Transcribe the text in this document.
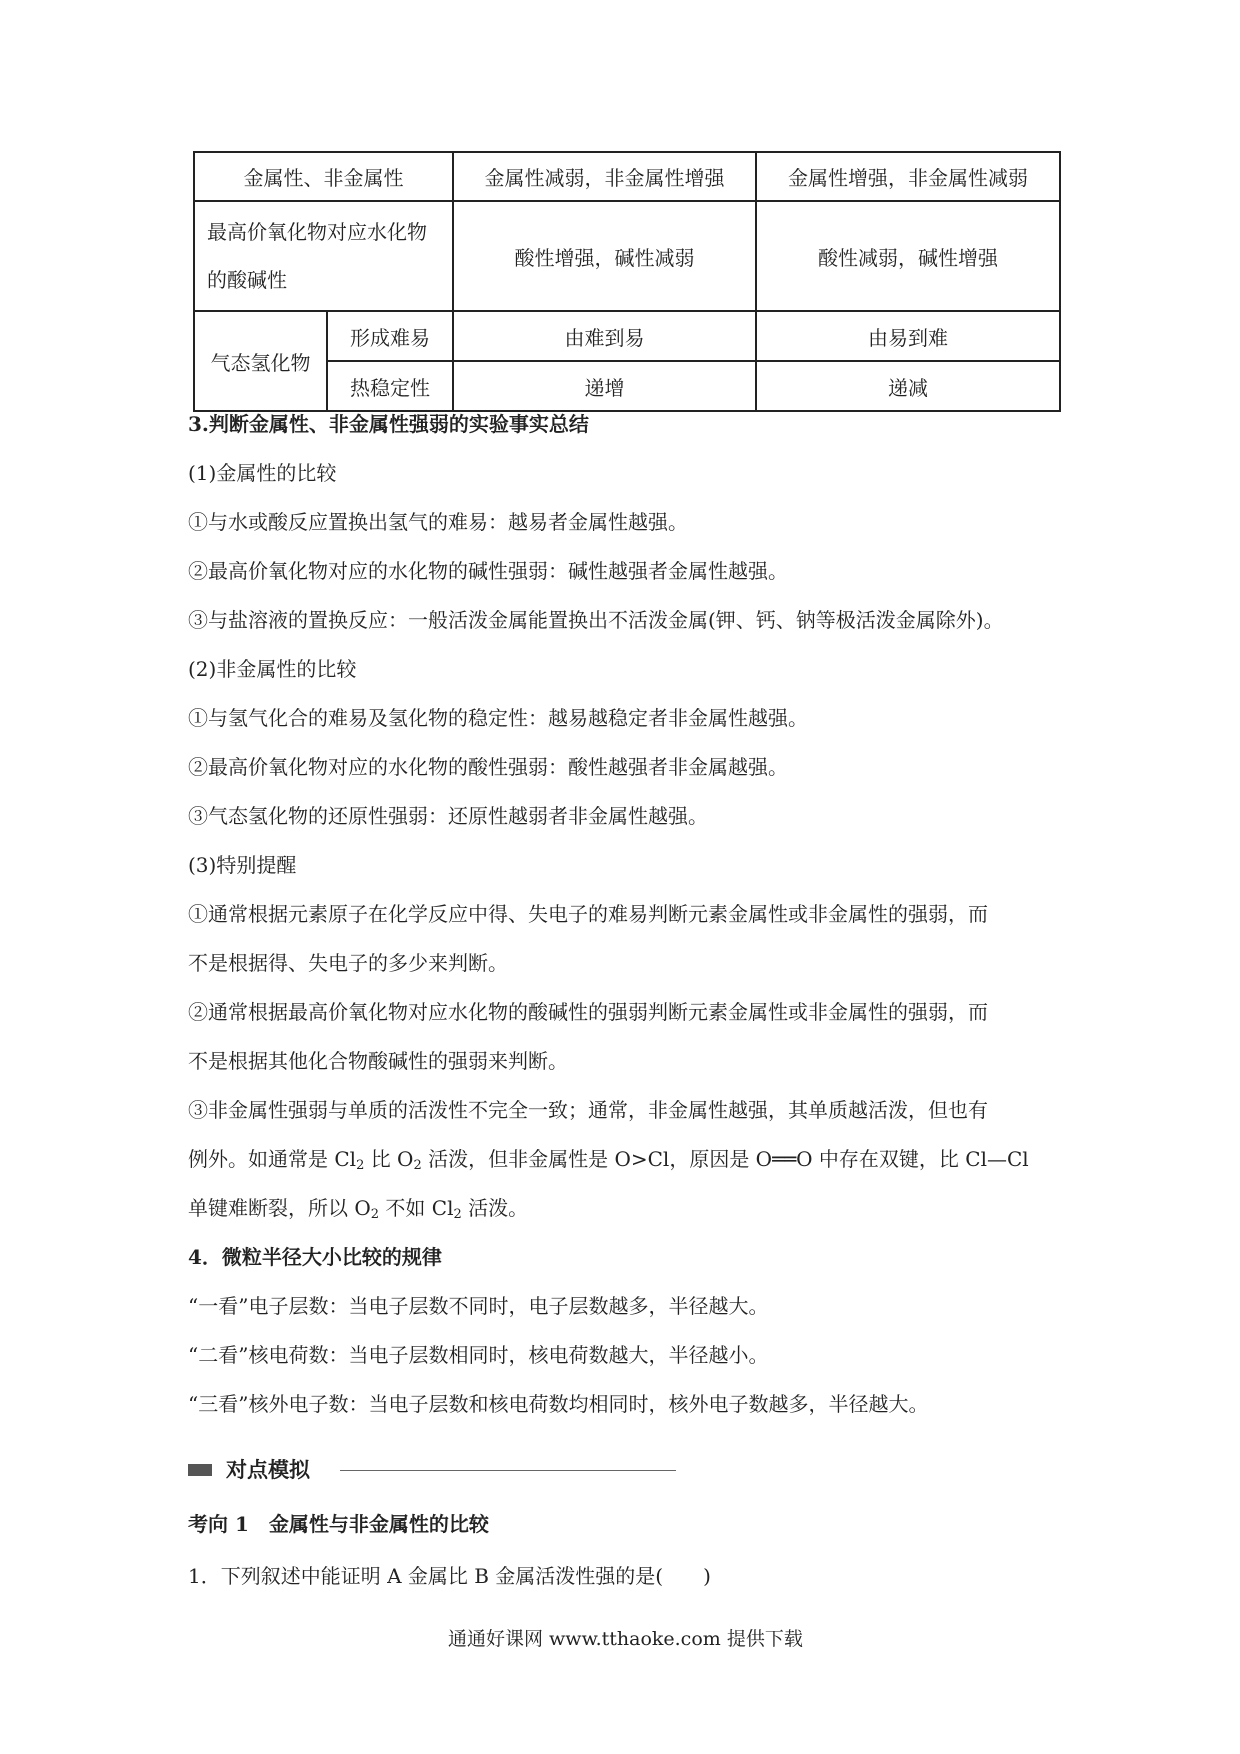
金属性、非金属性		金属性减弱，非金属性增强	金属性增强，非金属性减弱
最高价氧化物对应水化物的酸碱性		酸性增强，碱性减弱	酸性减弱，碱性增强
气态氢化物	形成难易	由难到易	由易到难
	热稳定性	递增	递减
3.判断金属性、非金属性强弱的实验事实总结
(1)金属性的比较
①与水或酸反应置换出氢气的难易：越易者金属性越强。
②最高价氧化物对应的水化物的碱性强弱：碱性越强者金属性越强。
③与盐溶液的置换反应：一般活泼金属能置换出不活泼金属(钾、钙、钠等极活泼金属除外)。
(2)非金属性的比较
①与氢气化合的难易及氢化物的稳定性：越易越稳定者非金属性越强。
②最高价氧化物对应的水化物的酸性强弱：酸性越强者非金属越强。
③气态氢化物的还原性强弱：还原性越弱者非金属性越强。
(3)特别提醒
①通常根据元素原子在化学反应中得、失电子的难易判断元素金属性或非金属性的强弱，而
不是根据得、失电子的多少来判断。
②通常根据最高价氧化物对应水化物的酸碱性的强弱判断元素金属性或非金属性的强弱，而
不是根据其他化合物酸碱性的强弱来判断。
③非金属性强弱与单质的活泼性不完全一致；通常，非金属性越强，其单质越活泼，但也有
例外。如通常是 $Cl_2$ 比 $O_2$ 活泼，但非金属性是 O>Cl，原因是 O══O 中存在双键，比 Cl—Cl
单键难断裂，所以 $O_2$ 不如 $Cl_2$ 活泼。
4．微粒半径大小比较的规律
“一看”电子层数：当电子层数不同时，电子层数越多，半径越大。
“二看”核电荷数：当电子层数相同时，核电荷数越大，半径越小。
“三看”核外电子数：当电子层数和核电荷数均相同时，核外电子数越多，半径越大。
对点模拟
考向 1　金属性与非金属性的比较
1．下列叙述中能证明 A 金属比 B 金属活泼性强的是(　　)
通通好课网 www.tthaoke.com 提供下载
